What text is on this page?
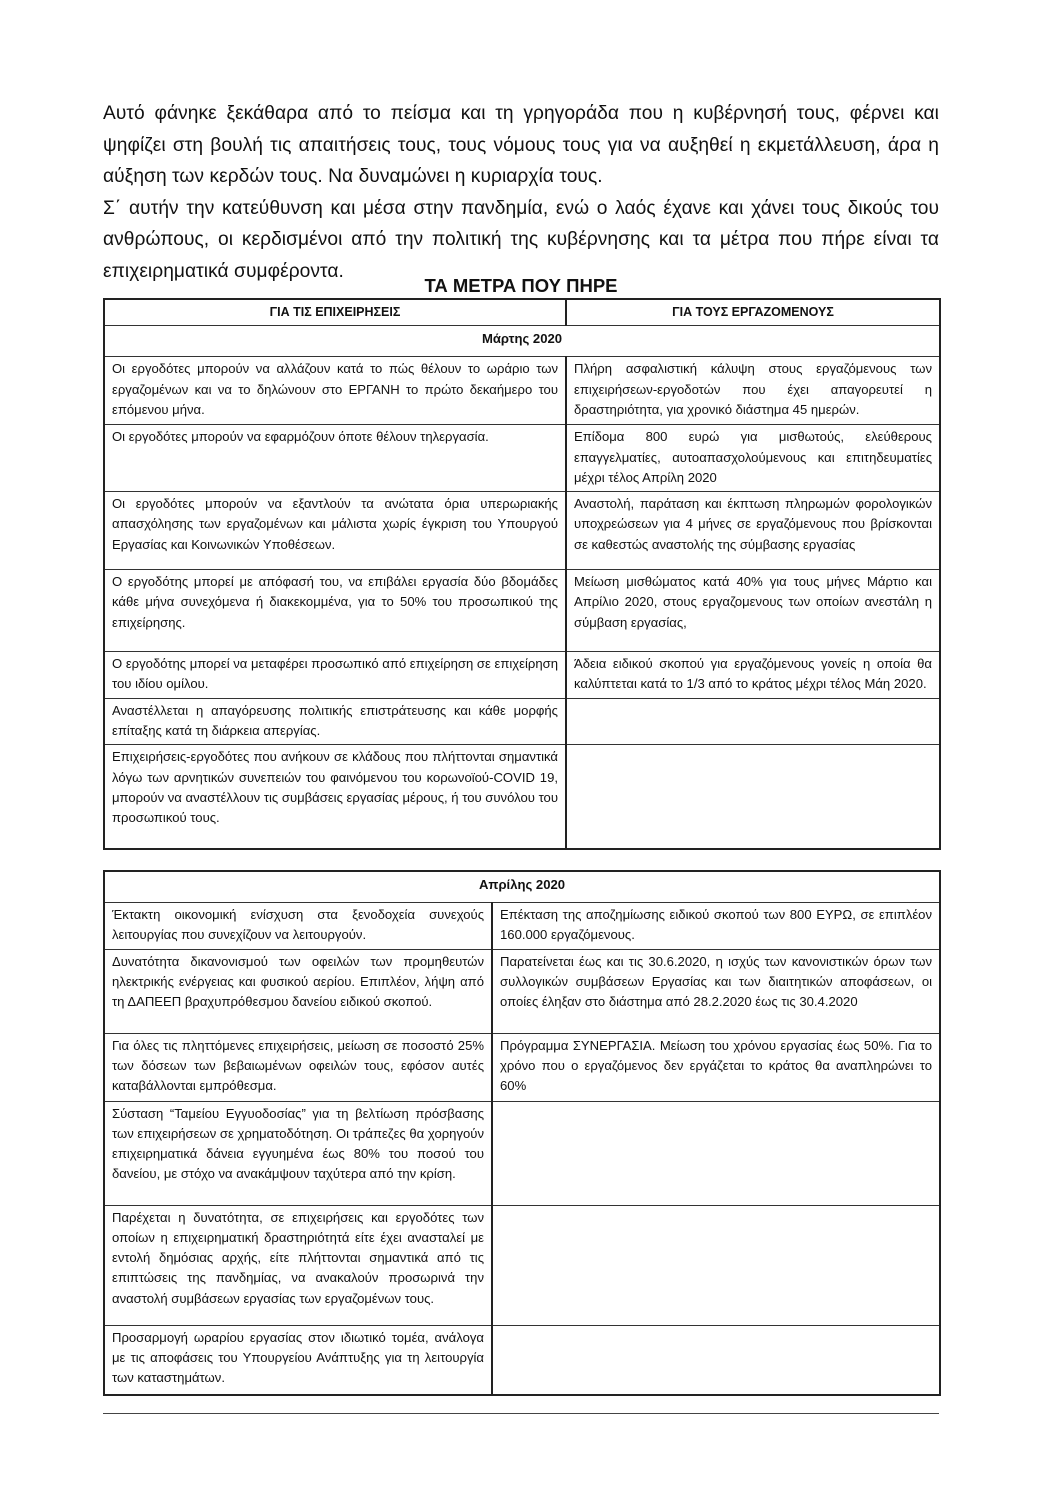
Αυτό φάνηκε ξεκάθαρα από το πείσμα και τη γρηγοράδα που η κυβέρνησή τους, φέρνει και ψηφίζει στη βουλή τις απαιτήσεις τους, τους νόμους τους για να αυξηθεί η εκμετάλλευση, άρα η αύξηση των κερδών τους. Να δυναμώνει η κυριαρχία τους.

Σ΄ αυτήν την κατεύθυνση και μέσα στην πανδημία, ενώ ο λαός έχανε και χάνει τους δικούς του ανθρώπους, οι κερδισμένοι από την πολιτική της κυβέρνησης και τα μέτρα που πήρε είναι τα επιχειρηματικά συμφέροντα.

ΤΑ ΜΕΤΡΑ ΠΟΥ ΠΗΡΕ
ΓΙΑ ΤΙΣ ΕΠΙΧΕΙΡΗΣΕΙΣ	ΓΙΑ ΤΟΥΣ ΕΡΓΑΖΟΜΕΝΟΥΣ
Μάρτης 2020	
Οι εργοδότες μπορούν να αλλάζουν κατά το πώς θέλουν το ωράριο των εργαζομένων και να το δηλώνουν στο ΕΡΓΑΝΗ το πρώτο δεκαήμερο του επόμενου μήνα.	Πλήρη ασφαλιστική κάλυψη στους εργαζόμενους των επιχειρήσεων-εργοδοτών που έχει απαγορευτεί η δραστηριότητα, για χρονικό διάστημα 45 ημερών.
Οι εργοδότες μπορούν να εφαρμόζουν όποτε θέλουν τηλεργασία.	Επίδομα 800 ευρώ για μισθωτούς, ελεύθερους επαγγελματίες, αυτοαπασχολούμενους και επιτηδευματίες μέχρι τέλος Απρίλη 2020
Οι εργοδότες μπορούν να εξαντλούν τα ανώτατα όρια υπερωριακής απασχόλησης των εργαζομένων και μάλιστα χωρίς έγκριση του Υπουργού Εργασίας και Κοινωνικών Υποθέσεων.	Αναστολή, παράταση και έκπτωση πληρωμών φορολογικών υποχρεώσεων για 4 μήνες σε εργαζόμενους που βρίσκονται σε καθεστώς αναστολής της σύμβασης εργασίας
Ο εργοδότης μπορεί με απόφασή του, να επιβάλει εργασία δύο βδομάδες κάθε μήνα συνεχόμενα ή διακεκομμένα, για το 50% του προσωπικού της επιχείρησης.	Μείωση μισθώματος κατά 40% για τους μήνες Μάρτιο και Απρίλιο 2020, στους εργαζομενους των οποίων ανεστάλη η σύμβαση εργασίας,
Ο εργοδότης μπορεί να μεταφέρει προσωπικό από επιχείρηση σε επιχείρηση του ιδίου ομίλου.	Άδεια ειδικού σκοπού για εργαζόμενους γονείς η οποία θα καλύπτεται κατά το 1/3 από το κράτος μέχρι τέλος Μάη 2020.
Αναστέλλεται η απαγόρευσης πολιτικής επιστράτευσης και κάθε μορφής επίταξης κατά τη διάρκεια απεργίας.	
Επιχειρήσεις-εργοδότες που ανήκουν σε κλάδους που πλήττονται σημαντικά λόγω των αρνητικών συνεπειών του φαινόμενου του κορωνοϊού-COVID 19, μπορούν να αναστέλλουν τις συμβάσεις εργασίας μέρους, ή του συνόλου του προσωπικού τους.	
Απρίλης 2020	
Έκτακτη οικονομική ενίσχυση στα ξενοδοχεία συνεχούς λειτουργίας που συνεχίζουν να λειτουργούν.	Επέκταση της αποζημίωσης ειδικού σκοπού των 800 ΕΥΡΩ, σε επιπλέον 160.000 εργαζόμενους.
Δυνατότητα δικανονισμού των οφειλών των προμηθευτών ηλεκτρικής ενέργειας και φυσικού αερίου. Επιπλέον, λήψη από τη ΔΑΠΕΕΠ βραχυπρόθεσμου δανείου ειδικού σκοπού.	Παρατείνεται έως και τις 30.6.2020, η ισχύς των κανονιστικών όρων των συλλογικών συμβάσεων Εργασίας και των διαιτητικών αποφάσεων, οι οποίες έληξαν στο διάστημα από 28.2.2020 έως τις 30.4.2020
Για όλες τις πληττόμενες επιχειρήσεις, μείωση σε ποσοστό 25% των δόσεων των βεβαιωμένων οφειλών τους, εφόσον αυτές καταβάλλονται εμπρόθεσμα.	Πρόγραμμα ΣΥΝΕΡΓΑΣΙΑ. Μείωση του χρόνου εργασίας έως 50%. Για το χρόνο που ο εργαζόμενος δεν εργάζεται το κράτος θα αναπληρώνει το 60%
Σύσταση “Ταμείου Εγγυοδοσίας” για τη βελτίωση πρόσβασης των επιχειρήσεων σε χρηματοδότηση. Οι τράπεζες θα χορηγούν επιχειρηματικά δάνεια εγγυημένα έως 80% του ποσού του δανείου, με στόχο να ανακάμψουν ταχύτερα από την κρίση.	
Παρέχεται η δυνατότητα, σε επιχειρήσεις και εργοδότες των οποίων η επιχειρηματική δραστηριότητά είτε έχει ανασταλεί με εντολή δημόσιας αρχής, είτε πλήττονται σημαντικά από τις επιπτώσεις της πανδημίας, να ανακαλούν προσωρινά την αναστολή συμβάσεων εργασίας των εργαζομένων τους.	
Προσαρμογή ωραρίου εργασίας στον ιδιωτικό τομέα, ανάλογα με τις αποφάσεις του Υπουργείου Ανάπτυξης για τη λειτουργία των καταστημάτων.	
